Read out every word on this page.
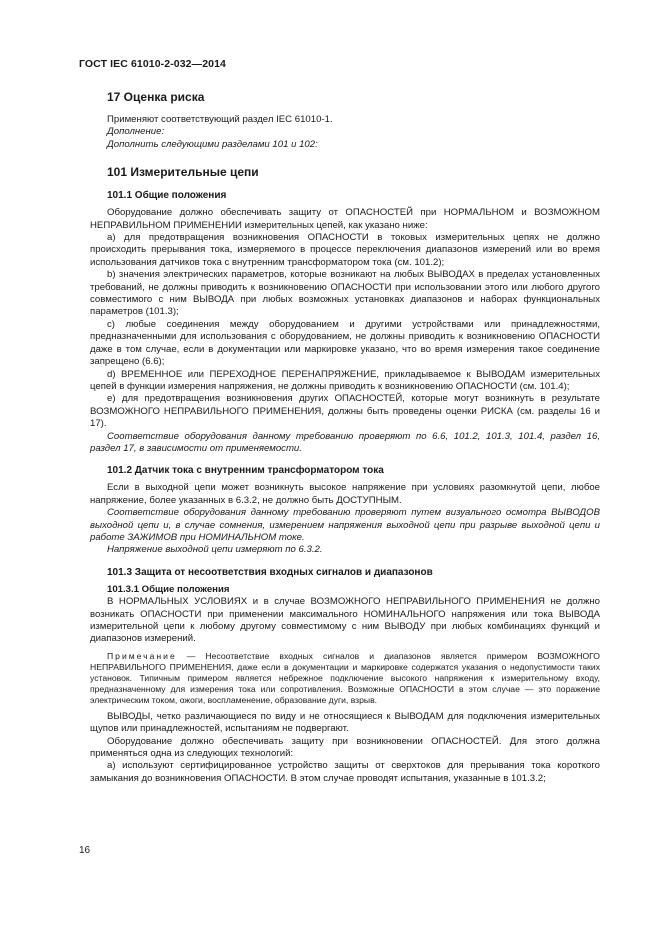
ГОСТ IEC 61010-2-032—2014
17 Оценка риска

Применяют соответствующий раздел IEC 61010-1.

Дополнение:

Дополнить следующими разделами 101 и 102:

101 Измерительные цепи
101.1 Общие положения

Оборудование должно обеспечивать защиту от ОПАСНОСТЕЙ при НОРМАЛЬНОМ и ВОЗМОЖНОМ НЕПРАВИЛЬНОМ ПРИМЕНЕНИИ измерительных цепей, как указано ниже:

а) для предотвращения возникновения ОПАСНОСТИ в токовых измерительных цепях не должно происходить прерывания тока, измеряемого в процессе переключения диапазонов измерений или во время использования датчиков тока с внутренним трансформатором тока (см. 101.2);

b) значения электрических параметров, которые возникают на любых ВЫВОДАХ в пределах установленных требований, не должны приводить к возникновению ОПАСНОСТИ при использовании этого или любого другого совместимого с ним ВЫВОДА при любых возможных установках диапазонов и наборах функциональных параметров (101.3);

с) любые соединения между оборудованием и другими устройствами или принадлежностями, предназначенными для использования с оборудованием, не должны приводить к возникновению ОПАСНОСТИ даже в том случае, если в документации или маркировке указано, что во время измерения такое соединение запрещено (6.6);

d) ВРЕМЕННОЕ или ПЕРЕХОДНОЕ ПЕРЕНАПРЯЖЕНИЕ, прикладываемое к ВЫВОДАМ измерительных цепей в функции измерения напряжения, не должны приводить к возникновению ОПАСНОСТИ (см. 101.4);

е) для предотвращения возникновения других ОПАСНОСТЕЙ, которые могут возникнуть в результате ВОЗМОЖНОГО НЕПРАВИЛЬНОГО ПРИМЕНЕНИЯ, должны быть проведены оценки РИСКА (см. разделы 16 и 17).

Соответствие оборудования данному требованию проверяют по 6.6, 101.2, 101.3, 101.4, раздел 16, раздел 17, в зависимости от применяемости.

101.2 Датчик тока с внутренним трансформатором тока

Если в выходной цепи может возникнуть высокое напряжение при условиях разомкнутой цепи, любое напряжение, более указанных в 6.3.2, не должно быть ДОСТУПНЫМ.

Соответствие оборудования данному требованию проверяют путем визуального осмотра ВЫВОДОВ выходной цепи и, в случае сомнения, измерением напряжения выходной цепи при разрыве выходной цепи и работе ЗАЖИМОВ при НОМИНАЛЬНОМ токе.

Напряжение выходной цепи измеряют по 6.3.2.

101.3 Защита от несоответствия входных сигналов и диапазонов
101.3.1 Общие положения

В НОРМАЛЬНЫХ УСЛОВИЯХ и в случае ВОЗМОЖНОГО НЕПРАВИЛЬНОГО ПРИМЕНЕНИЯ не должно возникать ОПАСНОСТИ при применении максимального НОМИНАЛЬНОГО напряжения или тока ВЫВОДА измерительной цепи к любому другому совместимому с ним ВЫВОДУ при любых комбинациях функций и диапазонов измерений.

Примечание — Несоответствие входных сигналов и диапазонов является примером ВОЗМОЖНОГО НЕПРАВИЛЬНОГО ПРИМЕНЕНИЯ, даже если в документации и маркировке содержатся указания о недопустимости таких установок. Типичным примером является небрежное подключение высокого напряжения к измерительному входу, предназначенному для измерения тока или сопротивления. Возможные ОПАСНОСТИ в этом случае — это поражение электрическим током, ожоги, воспламенение, образование дуги, взрыв.

ВЫВОДЫ, четко различающиеся по виду и не относящиеся к ВЫВОДАМ для подключения измерительных щупов или принадлежностей, испытаниям не подвергают.

Оборудование должно обеспечивать защиту при возникновении ОПАСНОСТЕЙ. Для этого должна применяться одна из следующих технологий:

а) используют сертифицированное устройство защиты от сверхтоков для прерывания тока короткого замыкания до возникновения ОПАСНОСТИ. В этом случае проводят испытания, указанные в 101.3.2;

16
